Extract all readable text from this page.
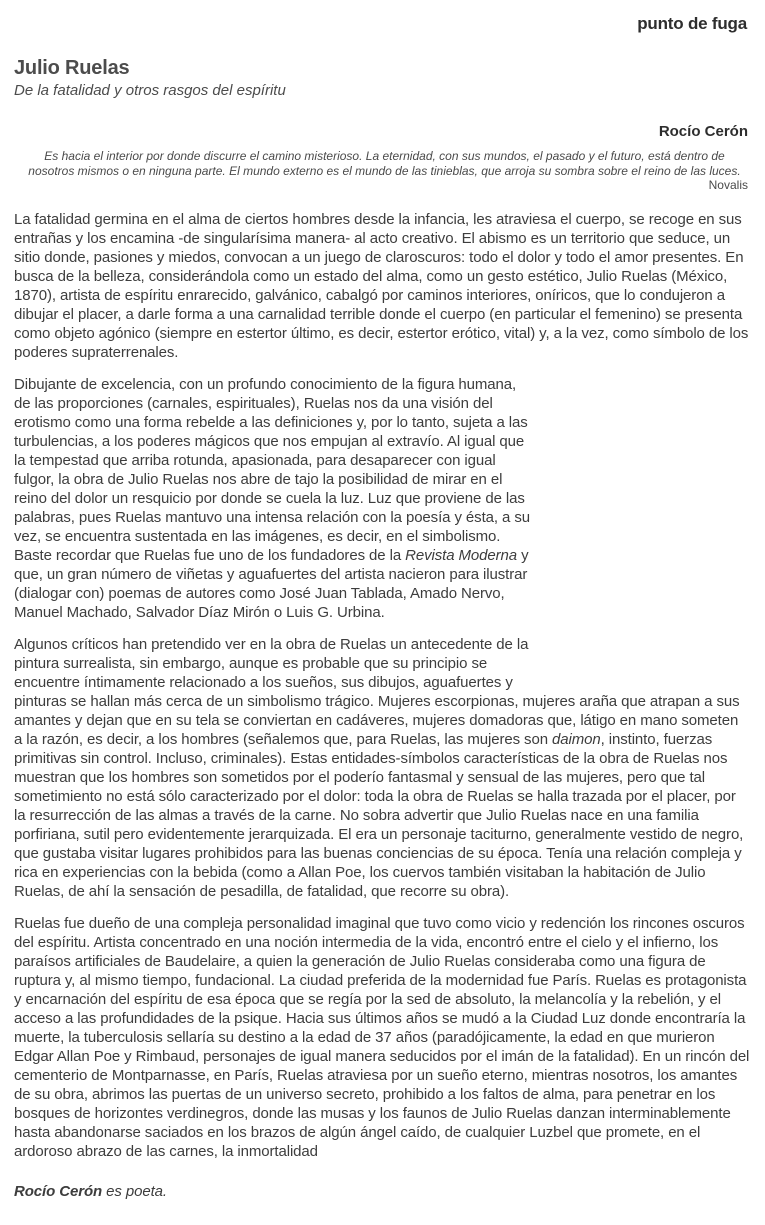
punto de fuga
Julio Ruelas
De la fatalidad y otros rasgos del espíritu
Rocío Cerón
Es hacia el interior por donde discurre el camino misterioso. La eternidad, con sus mundos, el pasado y el futuro, está dentro de nosotros mismos o en ninguna parte. El mundo externo es el mundo de las tinieblas, que arroja su sombra sobre el reino de las luces.
Novalis

La fatalidad germina en el alma de ciertos hombres desde la infancia, les atraviesa el cuerpo, se recoge en sus entrañas y los encamina -de singularísima manera- al acto creativo. El abismo es un territorio que seduce, un sitio donde, pasiones y miedos, convocan a un juego de claroscuros: todo el dolor y todo el amor presentes. En busca de la belleza, considerándola como un estado del alma, como un gesto estético, Julio Ruelas (México, 1870), artista de espíritu enrarecido, galvánico, cabalgó por caminos interiores, oníricos, que lo condujeron a dibujar el placer, a darle forma a una carnalidad terrible donde el cuerpo (en particular el femenino) se presenta como objeto agónico (siempre en estertor último, es decir, estertor erótico, vital) y, a la vez, como símbolo de los poderes supraterrenales.

Dibujante de excelencia, con un profundo conocimiento de la figura humana, de las proporciones (carnales, espirituales), Ruelas nos da una visión del erotismo como una forma rebelde a las definiciones y, por lo tanto, sujeta a las turbulencias, a los poderes mágicos que nos empujan al extravío. Al igual que la tempestad que arriba rotunda, apasionada, para desaparecer con igual fulgor, la obra de Julio Ruelas nos abre de tajo la posibilidad de mirar en el reino del dolor un resquicio por donde se cuela la luz. Luz que proviene de las palabras, pues Ruelas mantuvo una intensa relación con la poesía y ésta, a su vez, se encuentra sustentada en las imágenes, es decir, en el simbolismo. Baste recordar que Ruelas fue uno de los fundadores de la Revista Moderna y que, un gran número de viñetas y aguafuertes del artista nacieron para ilustrar (dialogar con) poemas de autores como José Juan Tablada, Amado Nervo, Manuel Machado, Salvador Díaz Mirón o Luis G. Urbina.

Algunos críticos han pretendido ver en la obra de Ruelas un antecedente de la pintura surrealista, sin embargo, aunque es probable que su principio se encuentre íntimamente relacionado a los sueños, sus dibujos, aguafuertes y pinturas se hallan más cerca de un simbolismo trágico. Mujeres escorpionas, mujeres araña que atrapan a sus amantes y dejan que en su tela se conviertan en cadáveres, mujeres domadoras que, látigo en mano someten a la razón, es decir, a los hombres (señalemos que, para Ruelas, las mujeres son daimon, instinto, fuerzas primitivas sin control. Incluso, criminales). Estas entidades-símbolos características de la obra de Ruelas nos muestran que los hombres son sometidos por el poderío fantasmal y sensual de las mujeres, pero que tal sometimiento no está sólo caracterizado por el dolor: toda la obra de Ruelas se halla trazada por el placer, por la resurrección de las almas a través de la carne. No sobra advertir que Julio Ruelas nace en una familia porfiriana, sutil pero evidentemente jerarquizada. El era un personaje taciturno, generalmente vestido de negro, que gustaba visitar lugares prohibidos para las buenas conciencias de su época. Tenía una relación compleja y rica en experiencias con la bebida (como a Allan Poe, los cuervos también visitaban la habitación de Julio Ruelas, de ahí la sensación de pesadilla, de fatalidad, que recorre su obra).

Ruelas fue dueño de una compleja personalidad imaginal que tuvo como vicio y redención los rincones oscuros del espíritu. Artista concentrado en una noción intermedia de la vida, encontró entre el cielo y el infierno, los paraísos artificiales de Baudelaire, a quien la generación de Julio Ruelas consideraba como una figura de ruptura y, al mismo tiempo, fundacional. La ciudad preferida de la modernidad fue París. Ruelas es protagonista y encarnación del espíritu de esa época que se regía por la sed de absoluto, la melancolía y la rebelión, y el acceso a las profundidades de la psique. Hacia sus últimos años se mudó a la Ciudad Luz donde encontraría la muerte, la tuberculosis sellaría su destino a la edad de 37 años (paradójicamente, la edad en que murieron Edgar Allan Poe y Rimbaud, personajes de igual manera seducidos por el imán de la fatalidad). En un rincón del cementerio de Montparnasse, en París, Ruelas atraviesa por un sueño eterno, mientras nosotros, los amantes de su obra, abrimos las puertas de un universo secreto, prohibido a los faltos de alma, para penetrar en los bosques de horizontes verdinegros, donde las musas y los faunos de Julio Ruelas danzan interminablemente hasta abandonarse saciados en los brazos de algún ángel caído, de cualquier Luzbel que promete, en el ardoroso abrazo de las carnes, la inmortalidad

Rocío Cerón es poeta.
